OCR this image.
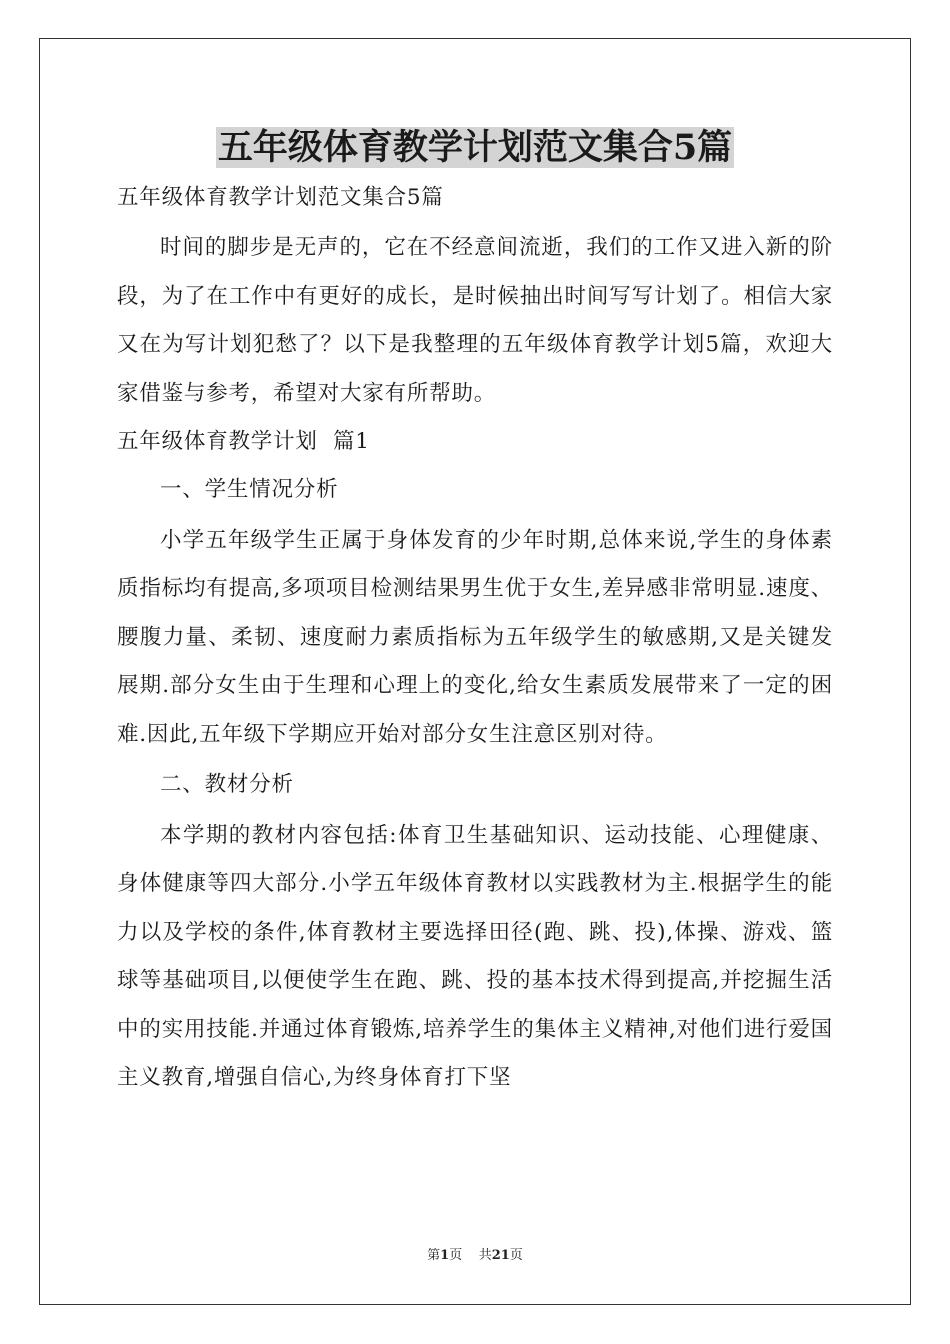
五年级体育教学计划范文集合5篇

五年级体育教学计划范文集合5篇

时间的脚步是无声的，它在不经意间流逝，我们的工作又进入新的阶段，为了在工作中有更好的成长，是时候抽出时间写写计划了。相信大家又在为写计划犯愁了？以下是我整理的五年级体育教学计划5篇，欢迎大家借鉴与参考，希望对大家有所帮助。

五年级体育教学计划  篇1

一、学生情况分析

小学五年级学生正属于身体发育的少年时期,总体来说,学生的身体素质指标均有提高,多项项目检测结果男生优于女生,差异感非常明显.速度、腰腹力量、柔韧、速度耐力素质指标为五年级学生的敏感期,又是关键发展期.部分女生由于生理和心理上的变化,给女生素质发展带来了一定的困难.因此,五年级下学期应开始对部分女生注意区别对待。

二、教材分析

本学期的教材内容包括:体育卫生基础知识、运动技能、心理健康、身体健康等四大部分.小学五年级体育教材以实践教材为主.根据学生的能力以及学校的条件,体育教材主要选择田径(跑、跳、投),体操、游戏、篮球等基础项目,以便使学生在跑、跳、投的基本技术得到提高,并挖掘生活中的实用技能.并通过体育锻炼,培养学生的集体主义精神,对他们进行爱国主义教育,增强自信心,为终身体育打下坚

第1页 共21页
